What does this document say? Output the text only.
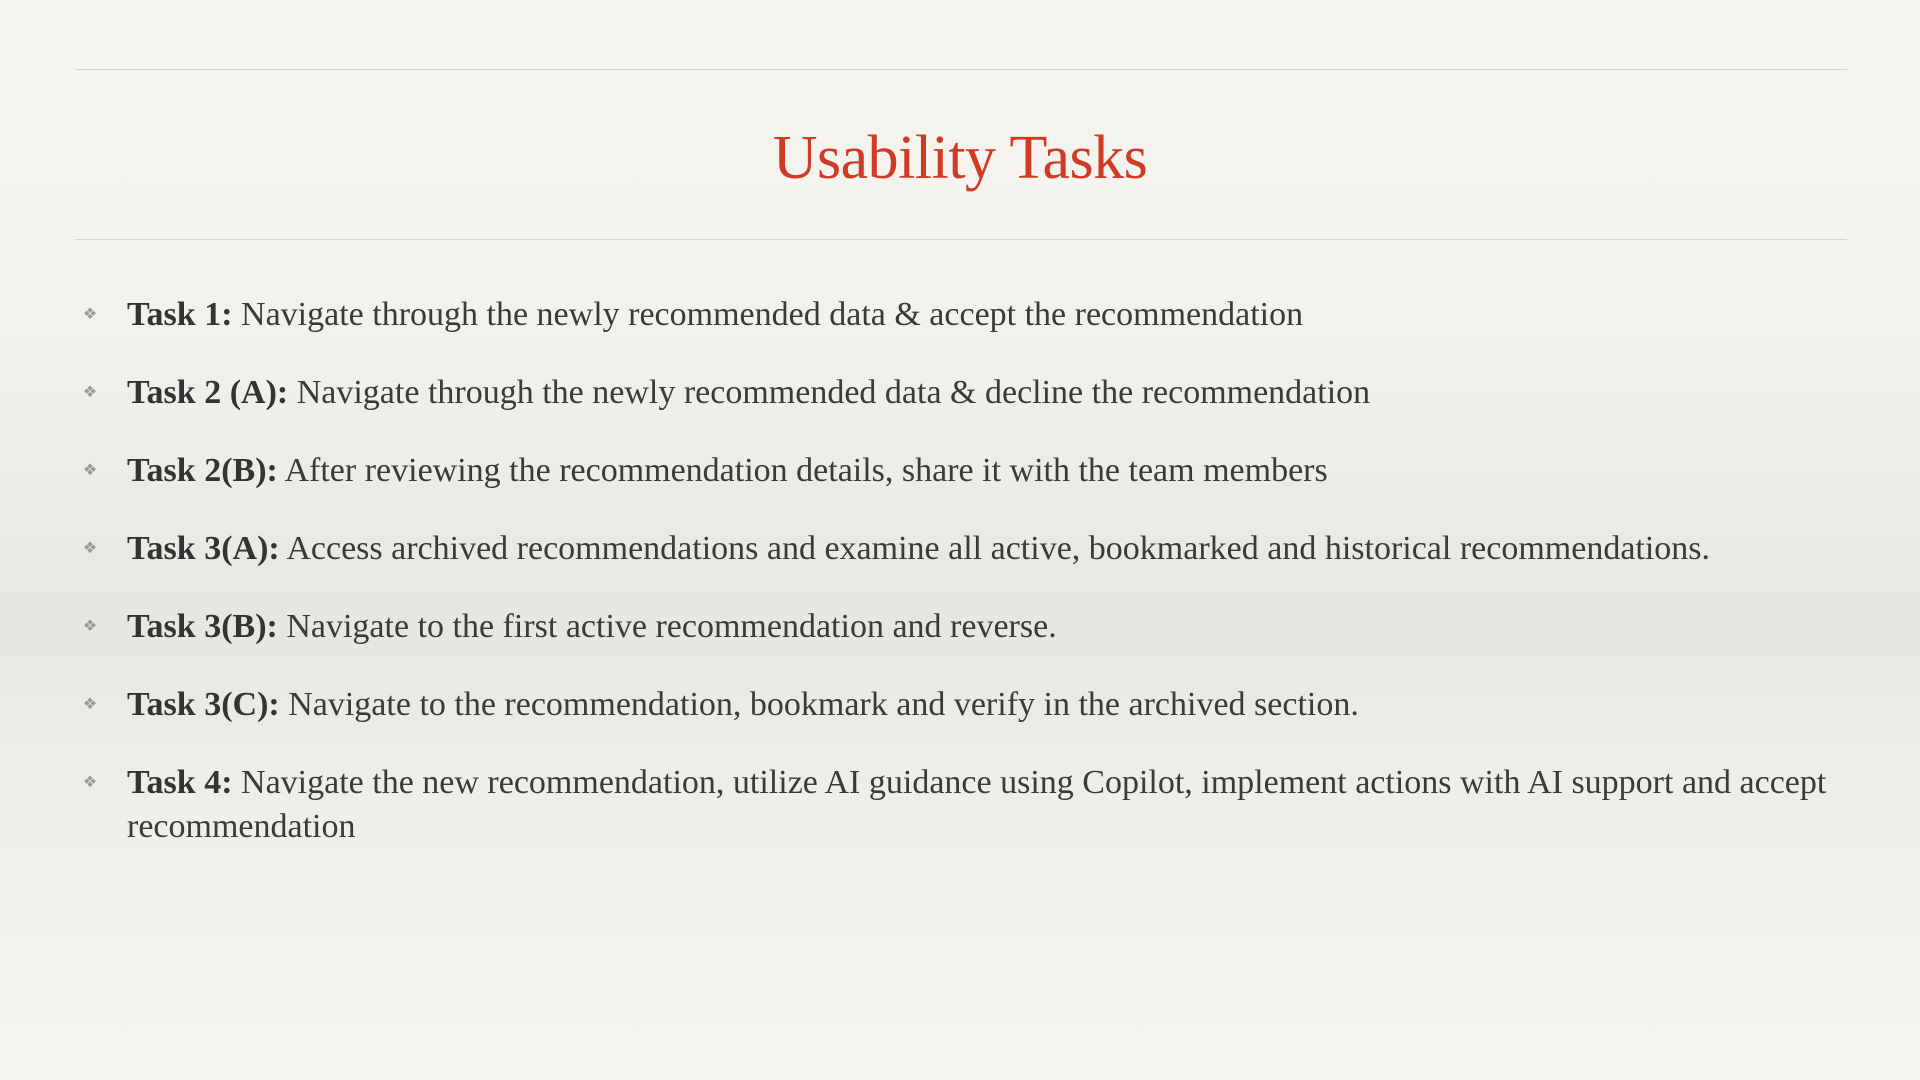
Usability Tasks
❖ Task 1: Navigate through the newly recommended data & accept the recommendation
❖ Task 2 (A): Navigate through the newly recommended data & decline the recommendation
❖ Task 2(B): After reviewing the recommendation details, share it with the team members
❖ Task 3(A): Access archived recommendations and examine all active, bookmarked and historical recommendations.
❖ Task 3(B): Navigate to the first active recommendation and reverse.
❖ Task 3(C): Navigate to the recommendation, bookmark and verify in the archived section.
❖ Task 4: Navigate the new recommendation, utilize AI guidance using Copilot, implement actions with AI support and accept recommendation
